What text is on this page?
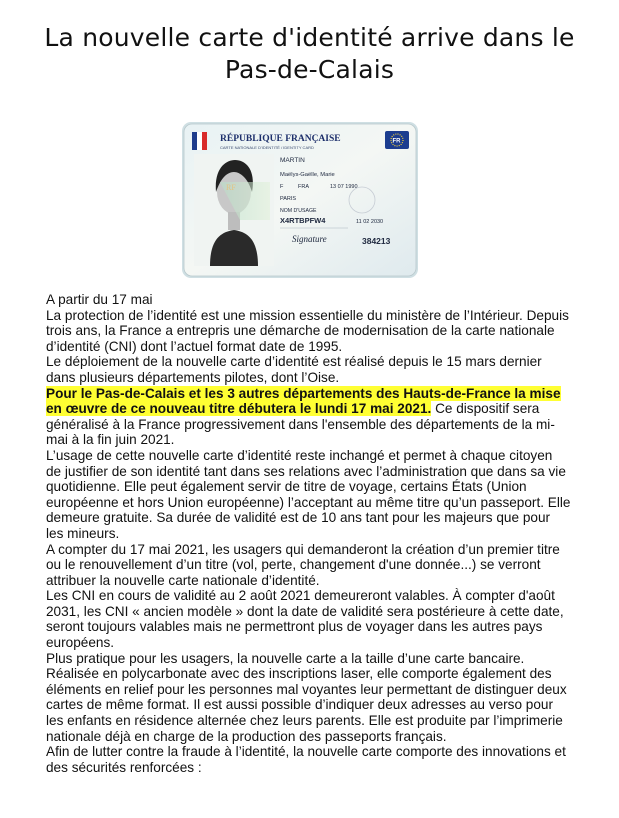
La nouvelle carte d'identité arrive dans le Pas-de-Calais
RÉPUBLIQUE FRANÇAISE
CARTE NATIONALE D'IDENTITÉ / IDENTITY CARD
FR
RF
MARTIN
Maëlys-Gaëlle, Marie
F	FRA	13 07 1990
PARIS
NOM D'USAGE
X4RTBPFW4	11 02 2030
Signature	384213

A partir du 17 mai

La protection de l’identité est une mission essentielle du ministère de l’Intérieur. Depuis trois ans, la France a entrepris une démarche de modernisation de la carte nationale d’identité (CNI) dont l’actuel format date de 1995.

Le déploiement de la nouvelle carte d’identité est réalisé depuis le 15 mars dernier dans plusieurs départements pilotes, dont l’Oise.

Pour le Pas-de-Calais et les 3 autres départements des Hauts-de-France la mise en œuvre de ce nouveau titre débutera le lundi 17 mai 2021. Ce dispositif sera généralisé à la France progressivement dans l'ensemble des départements de la mi-mai à la fin juin 2021.

L’usage de cette nouvelle carte d’identité reste inchangé et permet à chaque citoyen de justifier de son identité tant dans ses relations avec l’administration que dans sa vie quotidienne. Elle peut également servir de titre de voyage, certains États (Union européenne et hors Union européenne) l’acceptant au même titre qu’un passeport. Elle demeure gratuite. Sa durée de validité est de 10 ans tant pour les majeurs que pour les mineurs.

A compter du 17 mai 2021, les usagers qui demanderont la création d’un premier titre ou le renouvellement d’un titre (vol, perte, changement d'une donnée...) se verront attribuer la nouvelle carte nationale d’identité.

Les CNI en cours de validité au 2 août 2021 demeureront valables. À compter d'août 2031, les CNI « ancien modèle » dont la date de validité sera postérieure à cette date, seront toujours valables mais ne permettront plus de voyager dans les autres pays européens.

Plus pratique pour les usagers, la nouvelle carte a la taille d’une carte bancaire. Réalisée en polycarbonate avec des inscriptions laser, elle comporte également des éléments en relief pour les personnes mal voyantes leur permettant de distinguer deux cartes de même format. Il est aussi possible d’indiquer deux adresses au verso pour les enfants en résidence alternée chez leurs parents. Elle est produite par l’imprimerie nationale déjà en charge de la production des passeports français.

Afin de lutter contre la fraude à l’identité, la nouvelle carte comporte des innovations et des sécurités renforcées :
